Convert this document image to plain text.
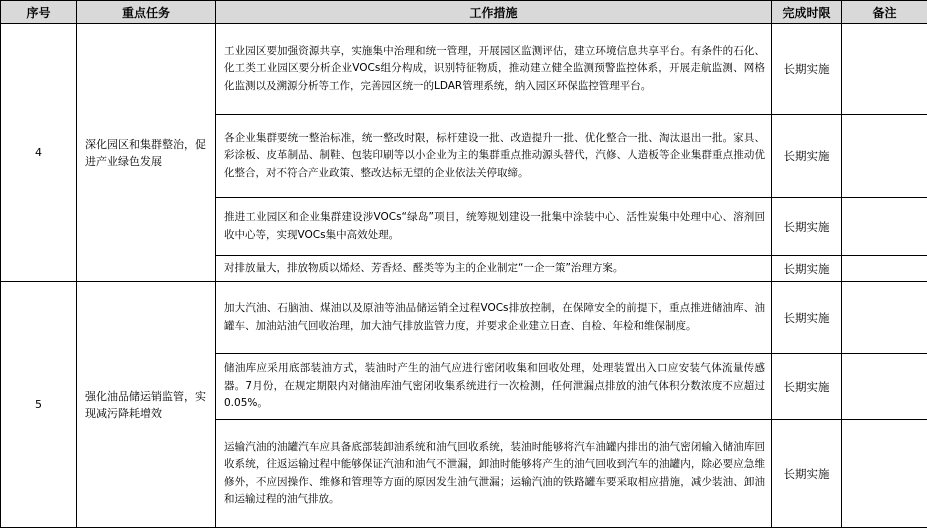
序号	重点任务	工作措施	完成时限	备注
4	深化园区和集群整治，促进产业绿色发展	工业园区要加强资源共享，实施集中治理和统一管理，开展园区监测评估，建立环境信息共享平台。有条件的石化、化工类工业园区要分析企业VOCs组分构成，识别特征物质，推动建立健全监测预警监控体系，开展走航监测、网格化监测以及溯源分析等工作，完善园区统一的LDAR管理系统，纳入园区环保监控管理平台。	长期实施	
		各企业集群要统一整治标准，统一整改时限，标杆建设一批、改造提升一批、优化整合一批、淘汰退出一批。家具、彩涂板、皮革制品、制鞋、包装印刷等以小企业为主的集群重点推动源头替代，汽修、人造板等企业集群重点推动优化整合，对不符合产业政策、整改达标无望的企业依法关停取缔。	长期实施	
		推进工业园区和企业集群建设涉VOCs“绿岛”项目，统筹规划建设一批集中涂装中心、活性炭集中处理中心、溶剂回收中心等，实现VOCs集中高效处理。	长期实施	
		对排放量大，排放物质以烯烃、芳香烃、醛类等为主的企业制定“一企一策”治理方案。	长期实施	
5	强化油品储运销监管，实现减污降耗增效	加大汽油、石脑油、煤油以及原油等油品储运销全过程VOCs排放控制，在保障安全的前提下，重点推进储油库、油罐车、加油站油气回收治理，加大油气排放监管力度，并要求企业建立日查、自检、年检和维保制度。	长期实施	
		储油库应采用底部装油方式，装油时产生的油气应进行密闭收集和回收处理，处理装置出入口应安装气体流量传感器。7月份，在规定期限内对储油库油气密闭收集系统进行一次检测，任何泄漏点排放的油气体积分数浓度不应超过0.05%。	长期实施	
		运输汽油的油罐汽车应具备底部装卸油系统和油气回收系统，装油时能够将汽车油罐内排出的油气密闭输入储油库回收系统，往返运输过程中能够保证汽油和油气不泄漏，卸油时能够将产生的油气回收到汽车的油罐内，除必要应急维修外，不应因操作、维修和管理等方面的原因发生油气泄漏；运输汽油的铁路罐车要采取相应措施，减少装油、卸油和运输过程的油气排放。	长期实施	
